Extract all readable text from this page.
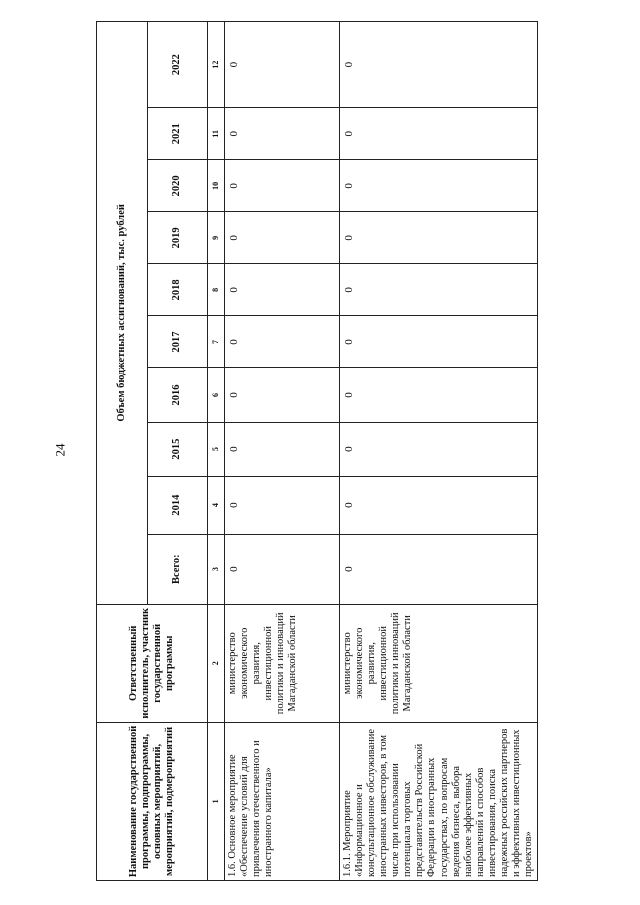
24
Наименование государственной программы, подпрограммы, основных мероприятий, мероприятий, подмероприятий	Ответственный исполнитель, участник государственной программы	Объем бюджетных ассигнований, тыс. рублей									
		Всего:	2014	2015	2016	2017	2018	2019	2020	2021	2022
1	2	3	4	5	6	7	8	9	10	11	12
1.6. Основное мероприятие «Обеспечение условий для привлечения отечественного и иностранного капитала»	министерство экономического развития, инвестиционной политики и инноваций Магаданской области	0	0	0	0	0	0	0	0	0	0
1.6.1. Мероприятие «Информационное и консультационное обслуживание иностранных инвесторов, в том числе при использовании потенциала торговых представительств Российской Федерации в иностранных государствах, по вопросам ведения бизнеса, выбора наиболее эффективных направлений и способов инвестирования, поиска надежных российских партнеров и эффективных инвестиционных проектов»	министерство экономического развития, инвестиционной политики и инноваций Магаданской области	0	0	0	0	0	0	0	0	0	0
